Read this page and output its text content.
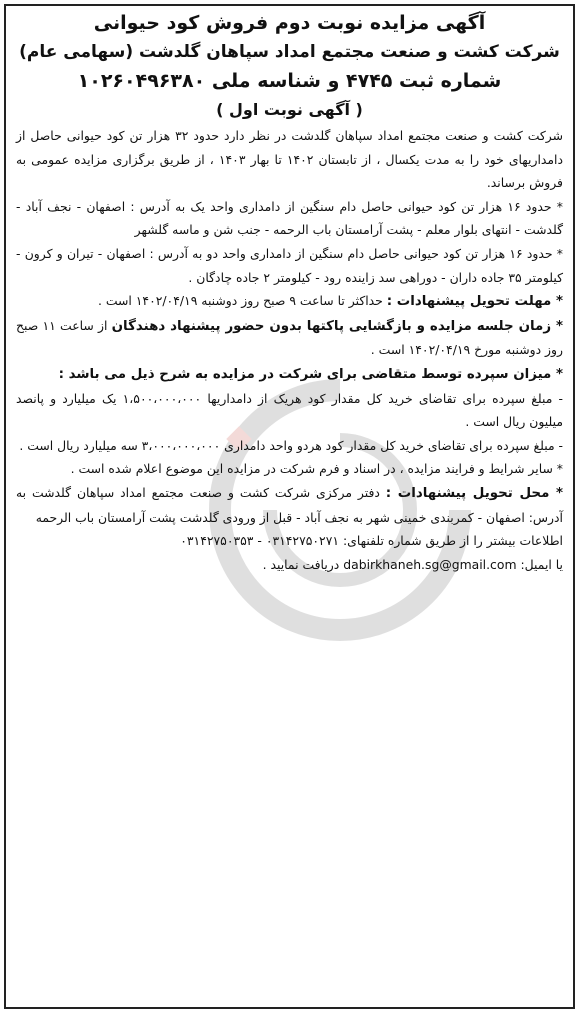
آگهی مزایده نوبت دوم فروش کود حیوانی
شرکت کشت و صنعت مجتمع امداد سپاهان گلدشت (سهامی عام)
شماره ثبت ۴۷۴۵ و شناسه ملی ۱۰۲۶۰۴۹۶۳۸۰
( آگهی نوبت اول )

شرکت کشت و صنعت مجتمع امداد سپاهان گلدشت در نظر دارد حدود ۳۲ هزار تن کود حیوانی حاصل از دامداریهای خود را به مدت یکسال ، از تابستان ۱۴۰۲ تا بهار ۱۴۰۳ ، از طریق برگزاری مزایده عمومی به فروش برساند.

* حدود ۱۶ هزار تن کود حیوانی حاصل دام سنگین از دامداری واحد یک به آدرس : اصفهان - نجف آباد - گلدشت - انتهای بلوار معلم - پشت آرامستان باب الرحمه - جنب شن و ماسه گلشهر

* حدود ۱۶ هزار تن کود حیوانی حاصل دام سنگین از دامداری واحد دو به آدرس : اصفهان - تیران و کرون - کیلومتر ۳۵ جاده داران - دوراهی سد زاینده رود - کیلومتر ۲ جاده چادگان .

* مهلت تحویل پیشنهادات : حداکثر تا ساعت ۹ صبح روز دوشنبه ۱۴۰۲/۰۴/۱۹ است .

* زمان جلسه مزایده و بازگشایی پاکتها بدون حضور پیشنهاد دهندگان از ساعت ۱۱ صبح روز دوشنبه مورخ ۱۴۰۲/۰۴/۱۹ است .

* میزان سپرده توسط متقاضی برای شرکت در مزایده به شرح ذیل می باشد :

- مبلغ سپرده برای تقاضای خرید کل مقدار کود هریک از دامداریها ۱،۵۰۰،۰۰۰،۰۰۰ یک میلیارد و پانصد میلیون ریال است .

- مبلغ سپرده برای تقاضای خرید کل مقدار کود هردو واحد دامداری ۳،۰۰۰،۰۰۰،۰۰۰ سه میلیارد ریال است .

* سایر شرایط و فرایند مزایده ، در اسناد و فرم شرکت در مزایده این موضوع اعلام شده است .

* محل تحویل پیشنهادات : دفتر مرکزی شرکت کشت و صنعت مجتمع امداد سپاهان گلدشت به آدرس: اصفهان - کمربندی خمینی شهر به نجف آباد - قبل از ورودی گلدشت پشت آرامستان باب الرحمه

اطلاعات بیشتر را از طریق شماره تلفنهای: ۰۳۱۴۲۷۵۰۲۷۱ - ۰۳۱۴۲۷۵۰۳۵۳

یا ایمیل: dabirkhaneh.sg@gmail.com دریافت نمایید .
